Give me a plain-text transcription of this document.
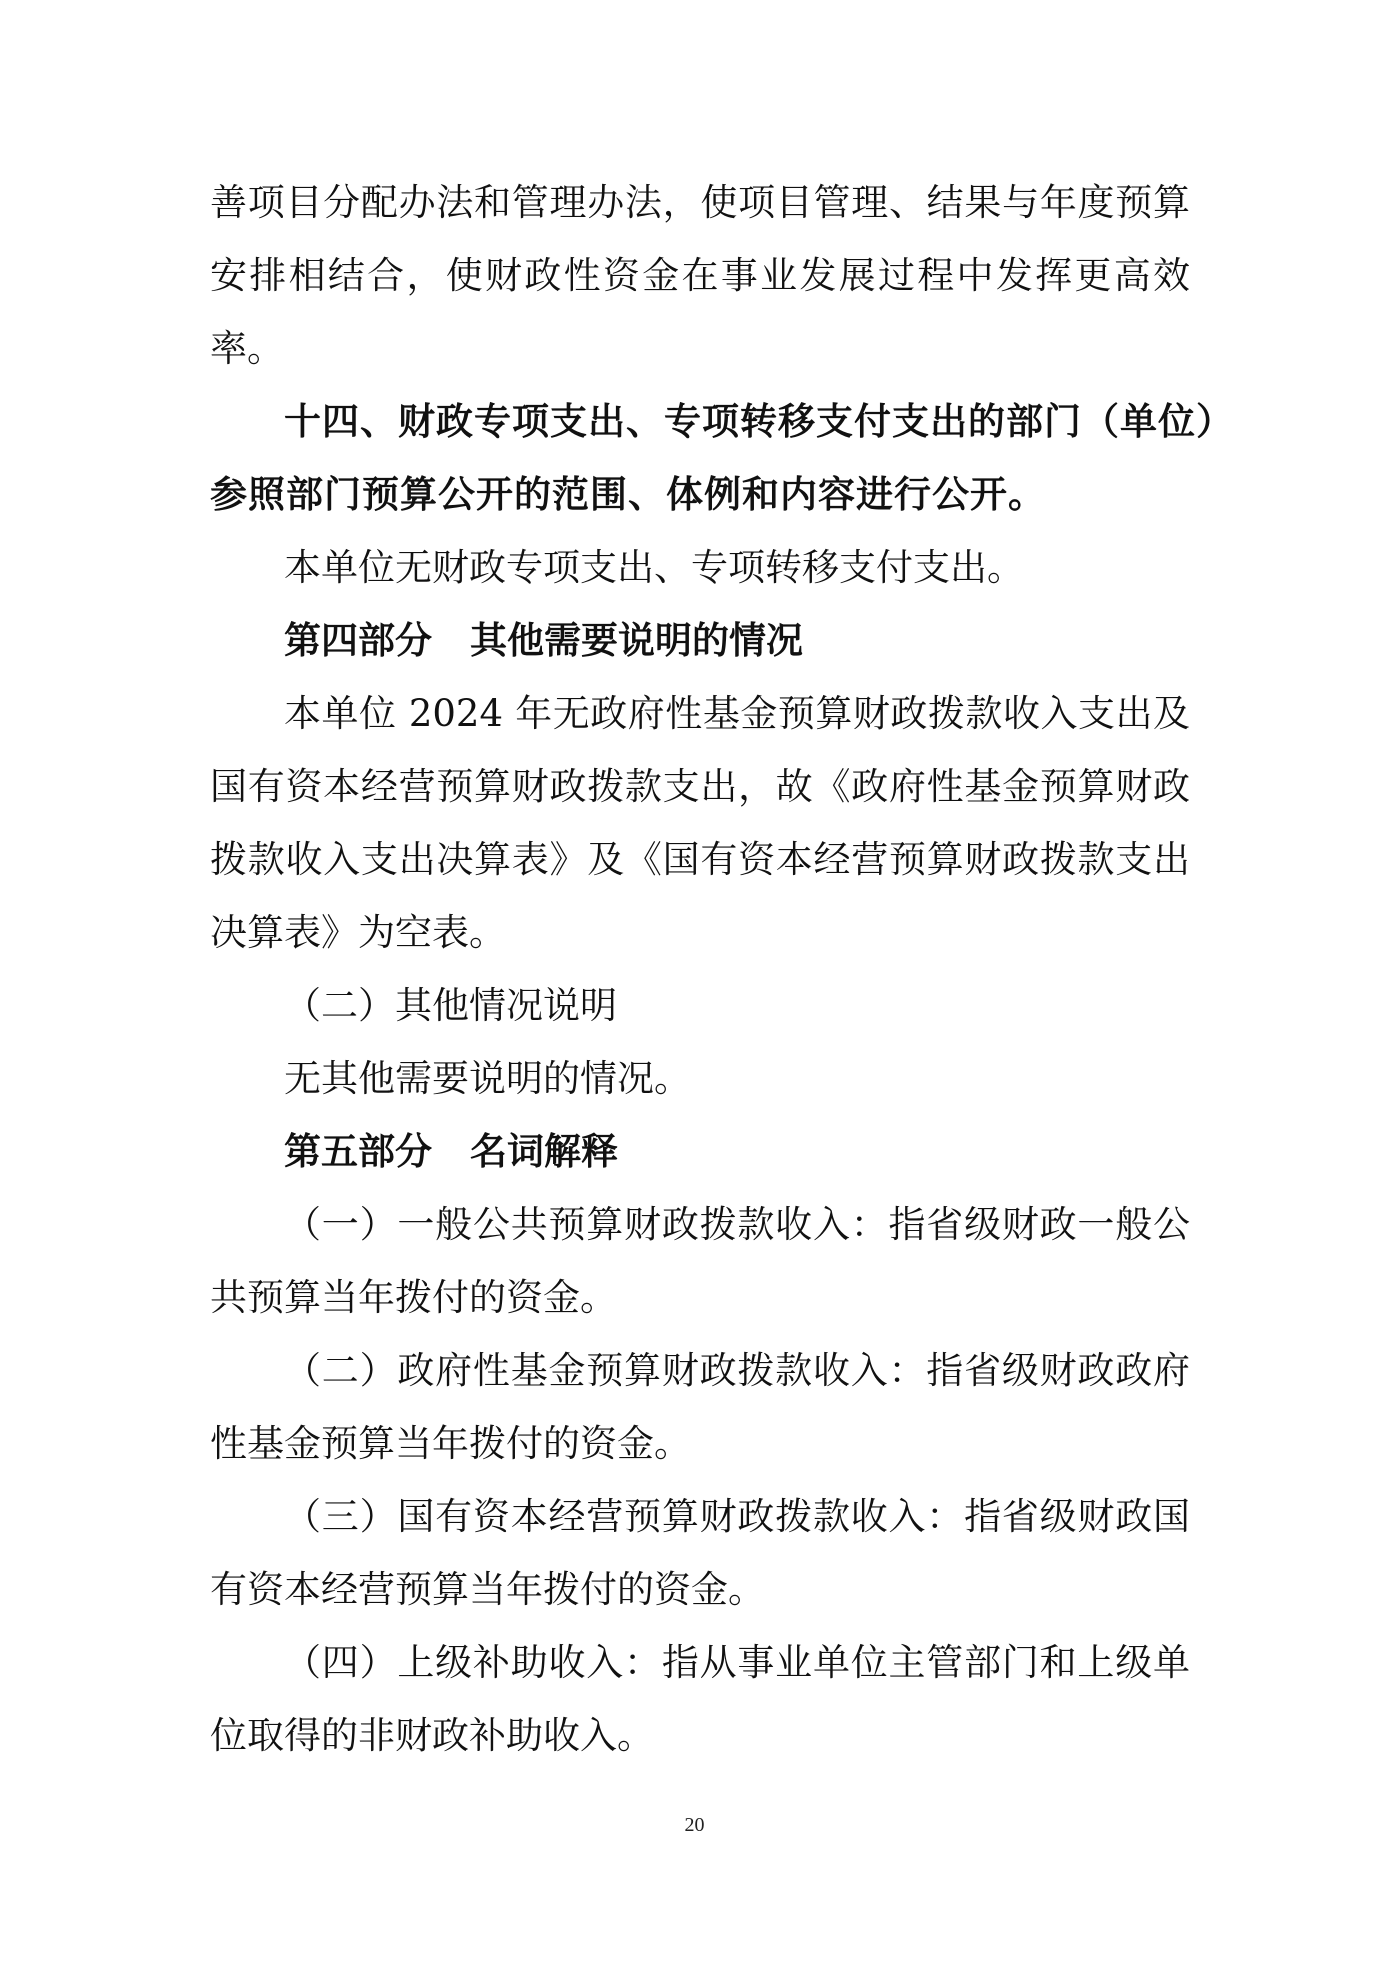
善项目分配办法和管理办法，使项目管理、结果与年度预算
安排相结合，使财政性资金在事业发展过程中发挥更高效
率。
十四、财政专项支出、专项转移支付支出的部门（单位）
参照部门预算公开的范围、体例和内容进行公开。
本单位无财政专项支出、专项转移支付支出。
第四部分 其他需要说明的情况
本单位 2024 年无政府性基金预算财政拨款收入支出及
国有资本经营预算财政拨款支出，故《政府性基金预算财政
拨款收入支出决算表》及《国有资本经营预算财政拨款支出
决算表》为空表。
（二）其他情况说明
无其他需要说明的情况。
第五部分 名词解释
（一）一般公共预算财政拨款收入：指省级财政一般公
共预算当年拨付的资金。
（二）政府性基金预算财政拨款收入：指省级财政政府
性基金预算当年拨付的资金。
（三）国有资本经营预算财政拨款收入：指省级财政国
有资本经营预算当年拨付的资金。
（四）上级补助收入：指从事业单位主管部门和上级单
位取得的非财政补助收入。
20
